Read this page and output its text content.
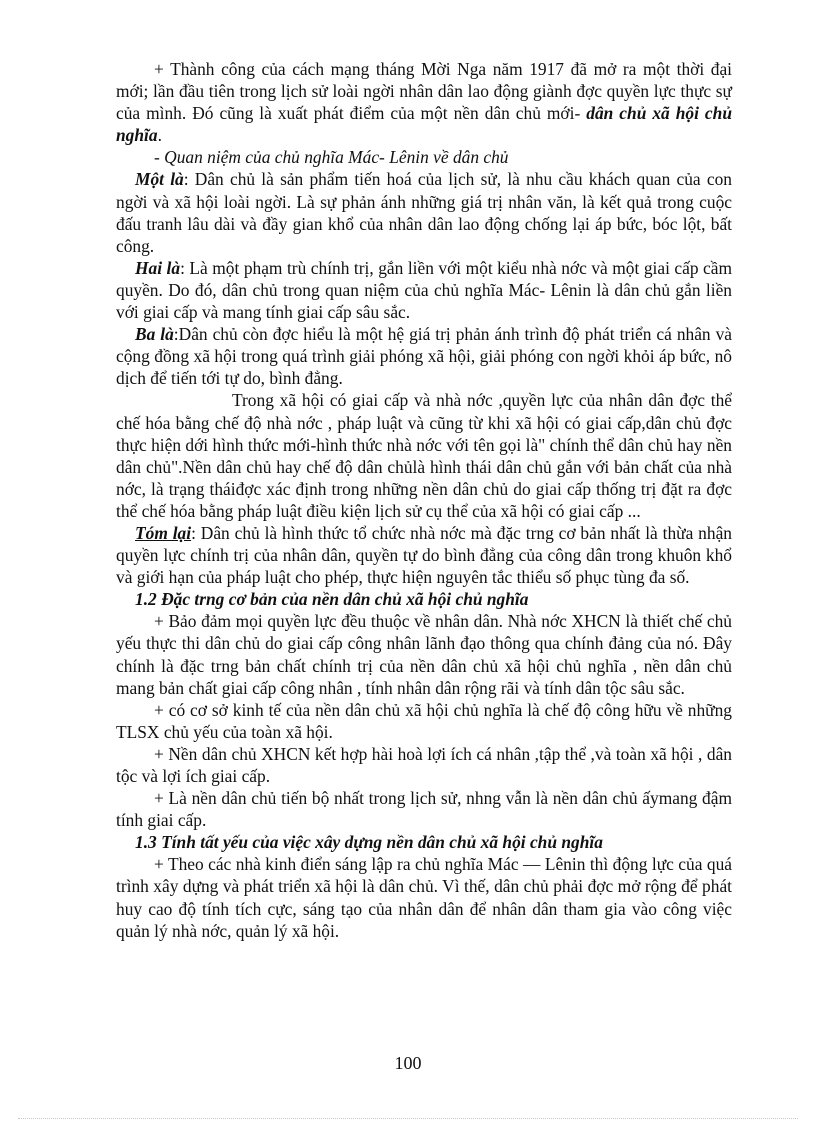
+ Thành công của cách mạng tháng Mời Nga năm 1917 đã mở ra một thời đại mới; lần đầu tiên trong lịch sử loài ngời nhân dân lao động giành đợc quyền lực thực sự của mình. Đó cũng là xuất phát điểm của một nền dân chủ mới- dân chủ xã hội chủ nghĩa.

- Quan niệm của chủ nghĩa Mác- Lênin về dân chủ

Một là: Dân chủ là sản phẩm tiến hoá của lịch sử, là nhu cầu khách quan của con ngời và xã hội loài ngời. Là sự phản ánh những giá trị nhân văn, là kết quả trong cuộc đấu tranh lâu dài và đầy gian khổ của nhân dân lao động chống lại áp bức, bóc lột, bất công.

Hai là: Là một phạm trù chính trị, gắn liền với một kiểu nhà nớc và một giai cấp cầm quyền. Do đó, dân chủ trong quan niệm của chủ nghĩa Mác- Lênin là dân chủ gắn liền với giai cấp và mang tính giai cấp sâu sắc.

Ba là:Dân chủ còn đợc hiểu là một hệ giá trị phản ánh trình độ phát triển cá nhân và cộng đồng xã hội trong quá trình giải phóng xã hội, giải phóng con ngời khỏi áp bức, nô dịch để tiến tới tự do, bình đẳng.

Trong xã hội có giai cấp và nhà nớc ,quyền lực của nhân dân đợc thể chế hóa bằng chế độ nhà nớc , pháp luật và cũng từ khi xã hội có giai cấp,dân chủ đợc thực hiện dới hình thức mới-hình thức nhà nớc với tên gọi là" chính thể dân chủ hay nền dân chủ".Nền dân chủ hay chế độ dân chủlà hình thái dân chủ gắn với bản chất của nhà nớc, là trạng tháiđợc xác định trong những nền dân chủ do giai cấp thống trị đặt ra đợc thể chế hóa bằng pháp luật điều kiện lịch sử cụ thể của xã hội có giai cấp ...

Tóm lại: Dân chủ là hình thức tổ chức nhà nớc mà đặc trng cơ bản nhất là thừa nhận quyền lực chính trị của nhân dân, quyền tự do bình đẳng của công dân trong khuôn khổ và giới hạn của pháp luật cho phép, thực hiện nguyên tắc thiểu số phục tùng đa số.

1.2 Đặc trng cơ bản của nền dân chủ xã hội chủ nghĩa

+ Bảo đảm mọi quyền lực đều thuộc về nhân dân. Nhà nớc XHCN là thiết chế chủ yếu thực thi dân chủ do giai cấp công nhân lãnh đạo thông qua chính đảng của nó. Đây chính là đặc trng bản chất chính trị của nền dân chủ xã hội chủ nghĩa , nền dân chủ mang bản chất giai cấp công nhân , tính nhân dân rộng rãi và tính dân tộc sâu sắc.

+ có cơ sở kinh tế của nền dân chủ xã hội chủ nghĩa là chế độ công hữu về những TLSX chủ yếu của toàn xã hội.

+ Nền dân chủ XHCN kết hợp hài hoà lợi ích cá nhân ,tập thể ,và toàn xã hội , dân tộc và lợi ích giai cấp.

+ Là nền dân chủ tiến bộ nhất trong lịch sử, nhng vẫn là nền dân chủ ấymang đậm tính giai cấp.

1.3 Tính tất yếu của việc xây dựng nền dân chủ xã hội chủ nghĩa

+ Theo các nhà kinh điển sáng lập ra chủ nghĩa Mác — Lênin thì động lực của quá trình xây dựng và phát triển xã hội là dân chủ. Vì thế, dân chủ phải đợc mở rộng để phát huy cao độ tính tích cực, sáng tạo của nhân dân để nhân dân tham gia vào công việc quản lý nhà nớc, quản lý xã hội.

100
